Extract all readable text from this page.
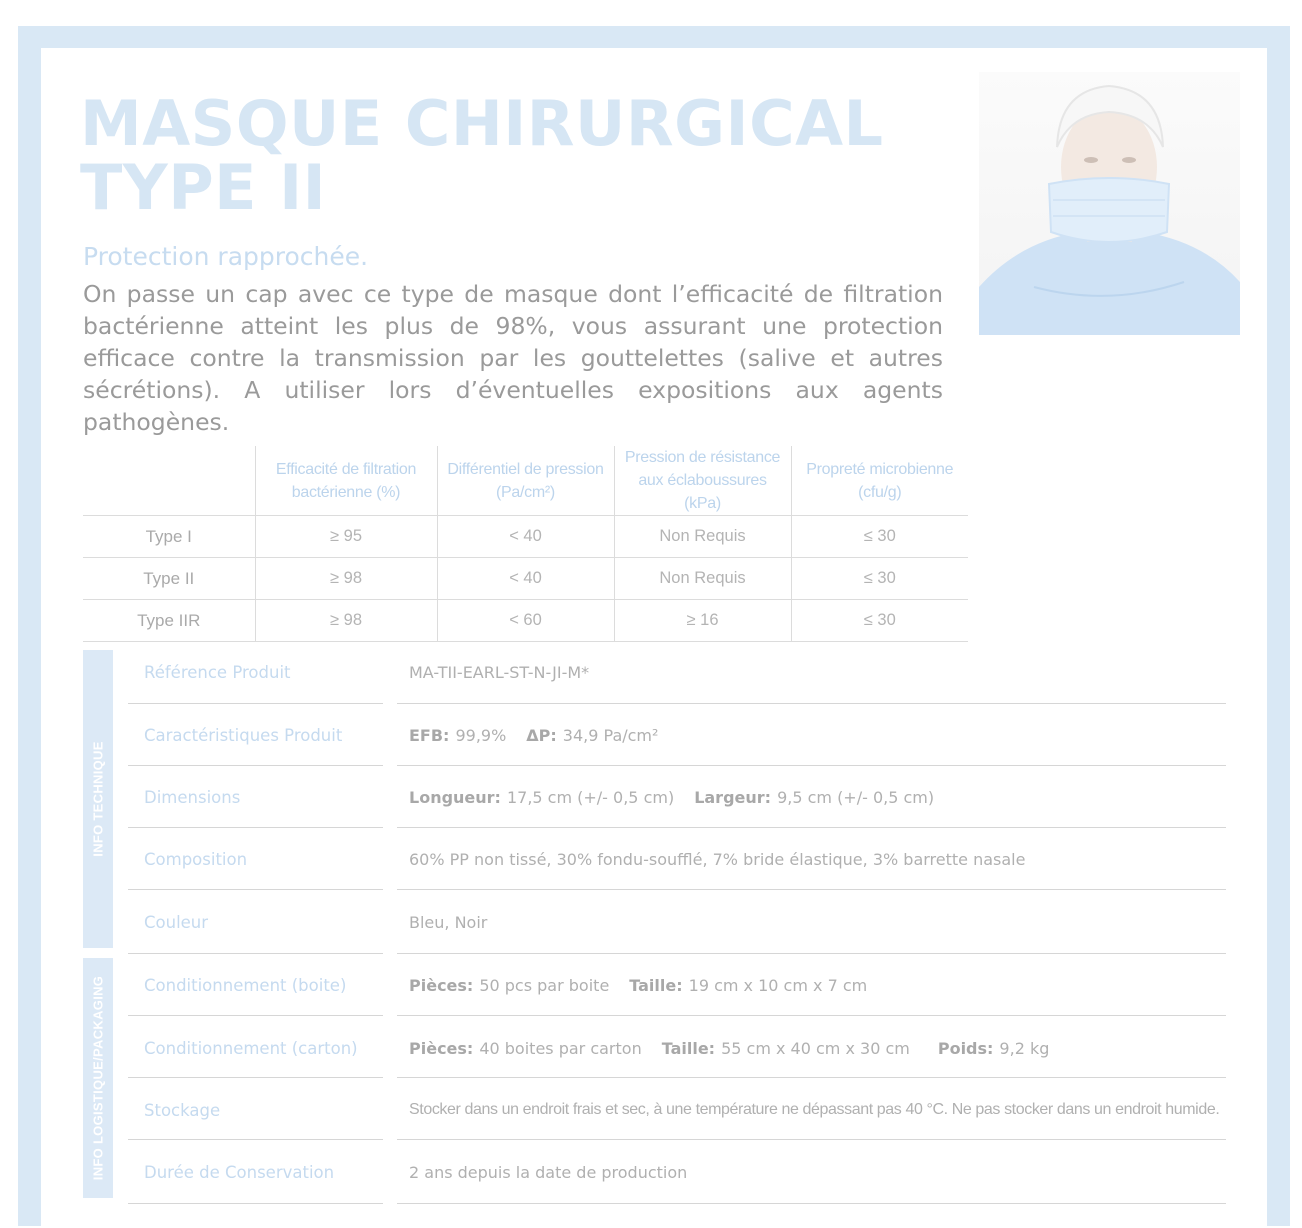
MASQUE CHIRURGICAL
TYPE II
Protection rapprochée.

On passe un cap avec ce type de masque dont l’efficacité de filtration bactérienne atteint les plus de 98%, vous assurant une protection efficace contre la transmission par les gouttelettes (salive et autres sécrétions). A utiliser lors d’éventuelles expositions aux agents pathogènes.

	Efficacité de filtration bactérienne (%)	Différentiel de pression (Pa/cm²)	Pression de résistance aux éclaboussures (kPa)	Propreté microbienne (cfu/g)
Type I	≥ 95	< 40	Non Requis	≤ 30
Type II	≥ 98	< 40	Non Requis	≤ 30
Type IIR	≥ 98	< 60	≥ 16	≤ 30
INFO TECHNIQUE
INFO LOGISTIQUE/PACKAGING
Référence Produit	MA-TII-EARL-ST-N-JI-M*
Caractéristiques Produit	EFB: 99,9% ΔP: 34,9 Pa/cm²
Dimensions	Longueur: 17,5 cm (+/- 0,5 cm) Largeur: 9,5 cm (+/- 0,5 cm)
Composition	60% PP non tissé, 30% fondu-soufflé, 7% bride élastique, 3% barrette nasale
Couleur	Bleu, Noir
Conditionnement (boite)	Pièces: 50 pcs par boite Taille: 19 cm x 10 cm x 7 cm
Conditionnement (carton)	Pièces: 40 boites par carton Taille: 55 cm x 40 cm x 30 cm Poids: 9,2 kg
Stockage	Stocker dans un endroit frais et sec, à une température ne dépassant pas 40 °C. Ne pas stocker dans un endroit humide.
Durée de Conservation	2 ans depuis la date de production
